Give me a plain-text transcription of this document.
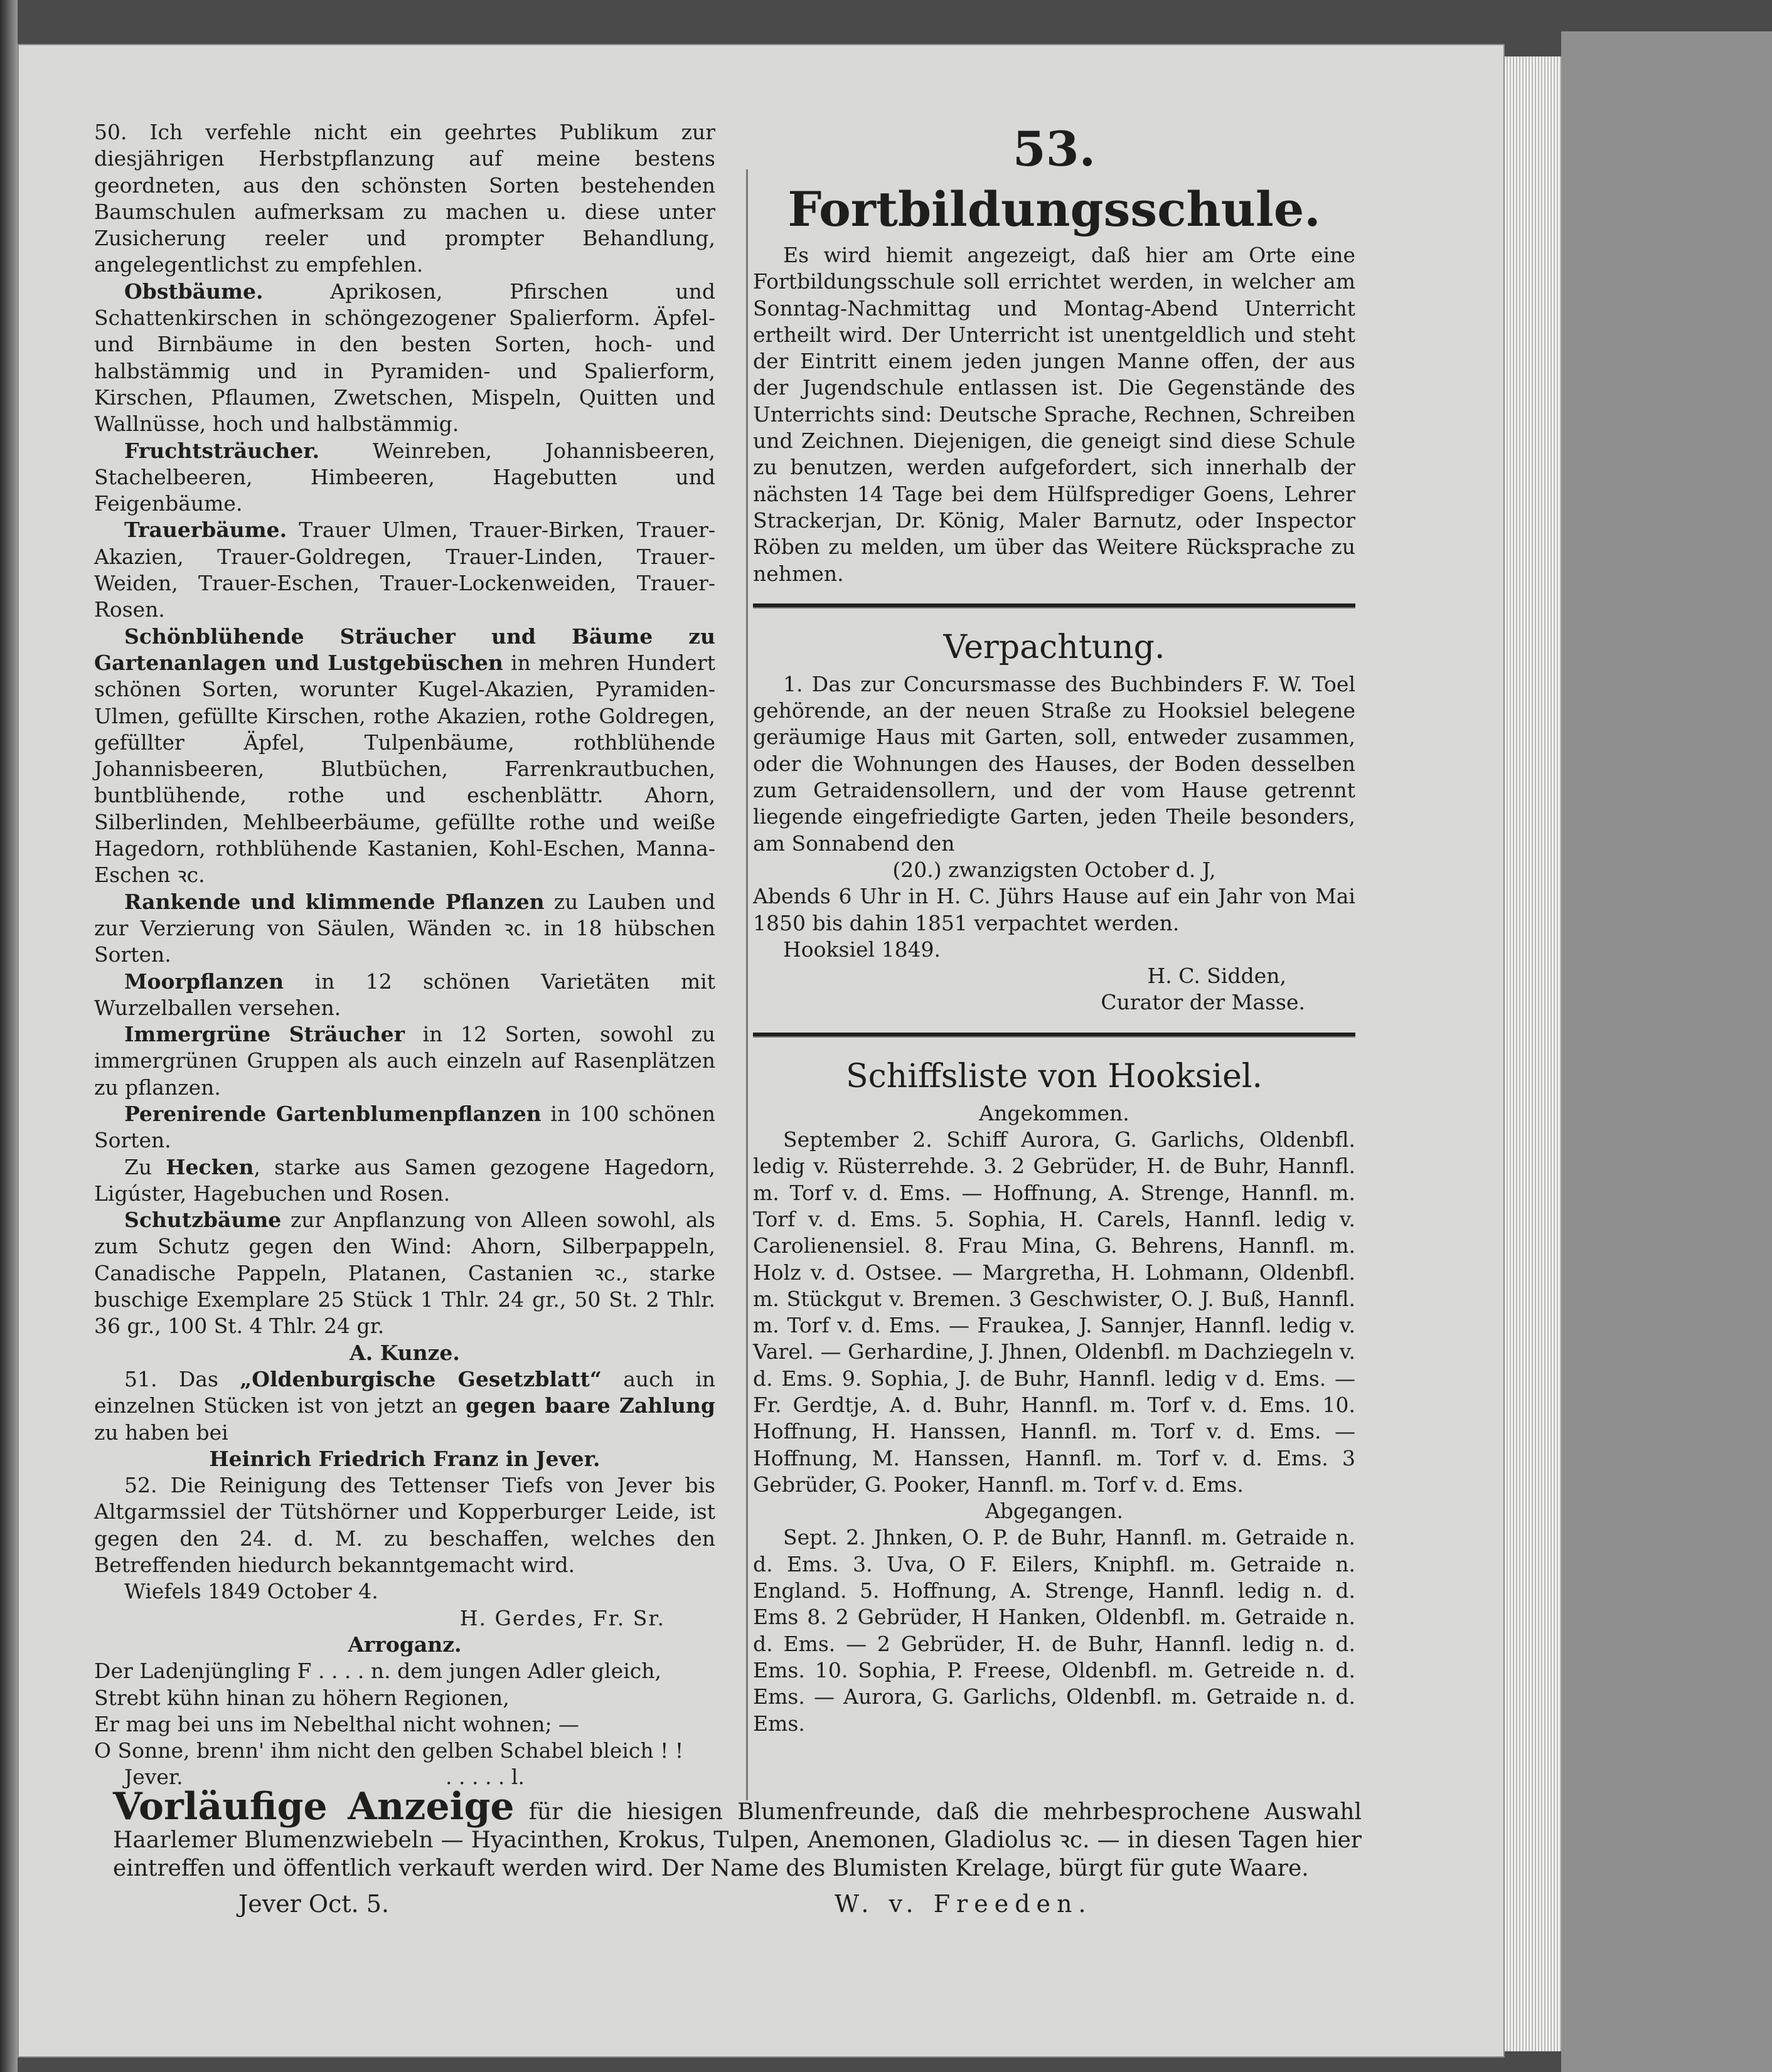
50. Ich verfehle nicht ein geehrtes Publikum zur diesjährigen Herbstpflanzung auf meine bestens geordneten, aus den schönsten Sorten bestehenden Baumschulen aufmerksam zu machen u. diese unter Zusicherung reeler und prompter Behandlung, angelegentlichst zu empfehlen.

Obstbäume. Aprikosen, Pfirschen und Schattenkirschen in schöngezogener Spalierform. Äpfel- und Birnbäume in den besten Sorten, hoch- und halbstämmig und in Pyramiden- und Spalierform, Kirschen, Pflaumen, Zwetschen, Mispeln, Quitten und Wallnüsse, hoch und halbstämmig.

Fruchtsträucher. Weinreben, Johannisbeeren, Stachelbeeren, Himbeeren, Hagebutten und Feigenbäume.

Trauerbäume. Trauer Ulmen, Trauer-Birken, Trauer-Akazien, Trauer-Goldregen, Trauer-Linden, Trauer-Weiden, Trauer-Eschen, Trauer-Lockenweiden, Trauer-Rosen.

Schönblühende Sträucher und Bäume zu Gartenanlagen und Lustgebüschen in mehren Hundert schönen Sorten, worunter Kugel-Akazien, Pyramiden-Ulmen, gefüllte Kirschen, rothe Akazien, rothe Goldregen, gefüllter Äpfel, Tulpenbäume, rothblühende Johannisbeeren, Blutbüchen, Farrenkrautbuchen, buntblühende, rothe und eschenblättr. Ahorn, Silberlinden, Mehlbeerbäume, gefüllte rothe und weiße Hagedorn, rothblühende Kastanien, Kohl-Eschen, Manna-Eschen ꝛc.

Rankende und klimmende Pflanzen zu Lauben und zur Verzierung von Säulen, Wänden ꝛc. in 18 hübschen Sorten.

Moorpflanzen in 12 schönen Varietäten mit Wurzelballen versehen.

Immergrüne Sträucher in 12 Sorten, sowohl zu immergrünen Gruppen als auch einzeln auf Rasenplätzen zu pflanzen.

Perenirende Gartenblumenpflanzen in 100 schönen Sorten.

Zu Hecken, starke aus Samen gezogene Hagedorn, Ligúster, Hagebuchen und Rosen.

Schutzbäume zur Anpflanzung von Alleen sowohl, als zum Schutz gegen den Wind: Ahorn, Silberpappeln, Canadische Pappeln, Platanen, Castanien ꝛc., starke buschige Exemplare 25 Stück 1 Thlr. 24 gr., 50 St. 2 Thlr. 36 gr., 100 St. 4 Thlr. 24 gr.

A. Kunze.

51. Das „Oldenburgische Gesetzblatt“ auch in einzelnen Stücken ist von jetzt an gegen baare Zahlung zu haben bei

Heinrich Friedrich Franz in Jever.

52. Die Reinigung des Tettenser Tiefs von Jever bis Altgarmssiel der Tütshörner und Kopperburger Leide, ist gegen den 24. d. M. zu beschaffen, welches den Betreffenden hiedurch bekanntgemacht wird.

Wiefels 1849 October 4.

H. Gerdes, Fr. Sr.

Arroganz.

Der Ladenjüngling F . . . . n. dem jungen Adler gleich,

Strebt kühn hinan zu höhern Regionen,

Er mag bei uns im Nebelthal nicht wohnen; —

O Sonne, brenn' ihm nicht den gelben Schabel bleich ! !

Jever.	. . . . . l.

53. Fortbildungsschule.

Es wird hiemit angezeigt, daß hier am Orte eine Fortbildungsschule soll errichtet werden, in welcher am Sonntag-Nachmittag und Montag-Abend Unterricht ertheilt wird. Der Unterricht ist unentgeldlich und steht der Eintritt einem jeden jungen Manne offen, der aus der Jugendschule entlassen ist. Die Gegenstände des Unterrichts sind: Deutsche Sprache, Rechnen, Schreiben und Zeichnen. Diejenigen, die geneigt sind diese Schule zu benutzen, werden aufgefordert, sich innerhalb der nächsten 14 Tage bei dem Hülfsprediger Goens, Lehrer Strackerjan, Dr. König, Maler Barnutz, oder Inspector Röben zu melden, um über das Weitere Rücksprache zu nehmen.

Verpachtung.

1. Das zur Concursmasse des Buchbinders F. W. Toel gehörende, an der neuen Straße zu Hooksiel belegene geräumige Haus mit Garten, soll, entweder zusammen, oder die Wohnungen des Hauses, der Boden desselben zum Getraidensollern, und der vom Hause getrennt liegende eingefriedigte Garten, jeden Theile besonders, am Sonnabend den

(20.) zwanzigsten October d. J,

Abends 6 Uhr in H. C. Jührs Hause auf ein Jahr von Mai 1850 bis dahin 1851 verpachtet werden.

Hooksiel 1849.

H. C. Sidden,

Curator der Masse.

Schiffsliste von Hooksiel.

Angekommen.

September 2. Schiff Aurora, G. Garlichs, Oldenbfl. ledig v. Rüsterrehde. 3. 2 Gebrüder, H. de Buhr, Hannfl. m. Torf v. d. Ems. — Hoffnung, A. Strenge, Hannfl. m. Torf v. d. Ems. 5. Sophia, H. Carels, Hannfl. ledig v. Carolienensiel. 8. Frau Mina, G. Behrens, Hannfl. m. Holz v. d. Ostsee. — Margretha, H. Lohmann, Oldenbfl. m. Stückgut v. Bremen. 3 Geschwister, O. J. Buß, Hannfl. m. Torf v. d. Ems. — Fraukea, J. Sannjer, Hannfl. ledig v. Varel. — Gerhardine, J. Jhnen, Oldenbfl. m Dachziegeln v. d. Ems. 9. Sophia, J. de Buhr, Hannfl. ledig v d. Ems. — Fr. Gerdtje, A. d. Buhr, Hannfl. m. Torf v. d. Ems. 10. Hoffnung, H. Hanssen, Hannfl. m. Torf v. d. Ems. — Hoffnung, M. Hanssen, Hannfl. m. Torf v. d. Ems. 3 Gebrüder, G. Pooker, Hannfl. m. Torf v. d. Ems.

Abgegangen.

Sept. 2. Jhnken, O. P. de Buhr, Hannfl. m. Getraide n. d. Ems. 3. Uva, O F. Eilers, Kniphfl. m. Getraide n. England. 5. Hoffnung, A. Strenge, Hannfl. ledig n. d. Ems 8. 2 Gebrüder, H Hanken, Oldenbfl. m. Getraide n. d. Ems. — 2 Gebrüder, H. de Buhr, Hannfl. ledig n. d. Ems. 10. Sophia, P. Freese, Oldenbfl. m. Getreide n. d. Ems. — Aurora, G. Garlichs, Oldenbfl. m. Getraide n. d. Ems.

Vorläufige Anzeige für die hiesigen Blumenfreunde, daß die mehrbesprochene Auswahl Haarlemer Blumenzwiebeln — Hyacinthen, Krokus, Tulpen, Anemonen, Gladiolus ꝛc. — in diesen Tagen hier eintreffen und öffentlich verkauft werden wird. Der Name des Blumisten Krelage, bürgt für gute Waare.

Jever Oct. 5.	W. v. Freeden.
